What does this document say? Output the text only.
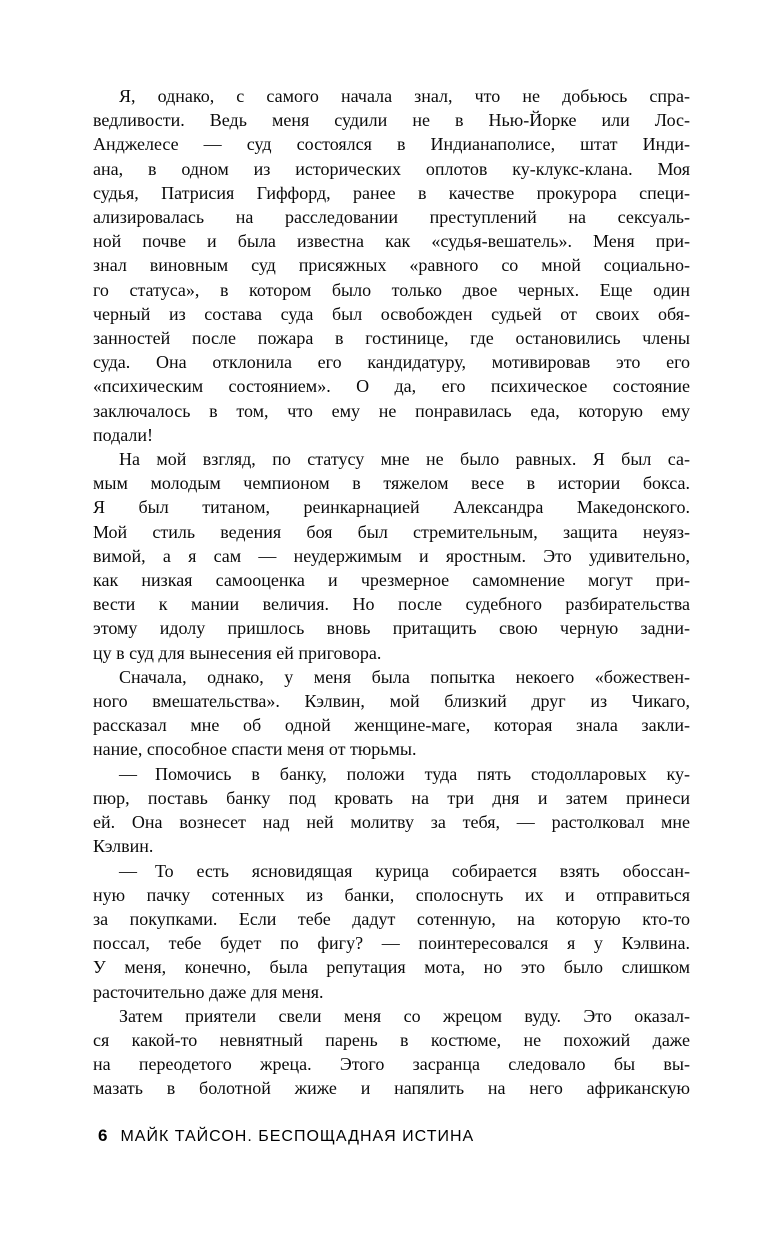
Я, однако, с самого начала знал, что не добьюсь спра-
ведливости. Ведь меня судили не в Нью-Йорке или Лос-
Анджелесе — суд состоялся в Индианаполисе, штат Инди-
ана, в одном из исторических оплотов ку-клукс-клана. Моя
судья, Патрисия Гиффорд, ранее в качестве прокурора специ-
ализировалась на расследовании преступлений на сексуаль-
ной почве и была известна как «судья-вешатель». Меня при-
знал виновным суд присяжных «равного со мной социально-
го статуса», в котором было только двое черных. Еще один
черный из состава суда был освобожден судьей от своих обя-
занностей после пожара в гостинице, где остановились члены
суда. Она отклонила его кандидатуру, мотивировав это его
«психическим состоянием». О да, его психическое состояние
заключалось в том, что ему не понравилась еда, которую ему
подали!
На мой взгляд, по статусу мне не было равных. Я был са-
мым молодым чемпионом в тяжелом весе в истории бокса.
Я был титаном, реинкарнацией Александра Македонского.
Мой стиль ведения боя был стремительным, защита неуяз-
вимой, а я сам — неудержимым и яростным. Это удивительно,
как низкая самооценка и чрезмерное самомнение могут при-
вести к мании величия. Но после судебного разбирательства
этому идолу пришлось вновь притащить свою черную задни-
цу в суд для вынесения ей приговора.
Сначала, однако, у меня была попытка некоего «божествен-
ного вмешательства». Кэлвин, мой близкий друг из Чикаго,
рассказал мне об одной женщине-маге, которая знала закли-
нание, способное спасти меня от тюрьмы.
— Помочись в банку, положи туда пять стодолларовых ку-
пюр, поставь банку под кровать на три дня и затем принеси
ей. Она вознесет над ней молитву за тебя, — растолковал мне
Кэлвин.
— То есть ясновидящая курица собирается взять обоссан-
ную пачку сотенных из банки, сполоснуть их и отправиться
за покупками. Если тебе дадут сотенную, на которую кто-то
поссал, тебе будет по фигу? — поинтересовался я у Кэлвина.
У меня, конечно, была репутация мота, но это было слишком
расточительно даже для меня.
Затем приятели свели меня со жрецом вуду. Это оказал-
ся какой-то невнятный парень в костюме, не похожий даже
на переодетого жреца. Этого засранца следовало бы вы-
мазать в болотной жиже и напялить на него африканскую
6 МАЙК ТАЙСОН. БЕСПОЩАДНАЯ ИСТИНА
